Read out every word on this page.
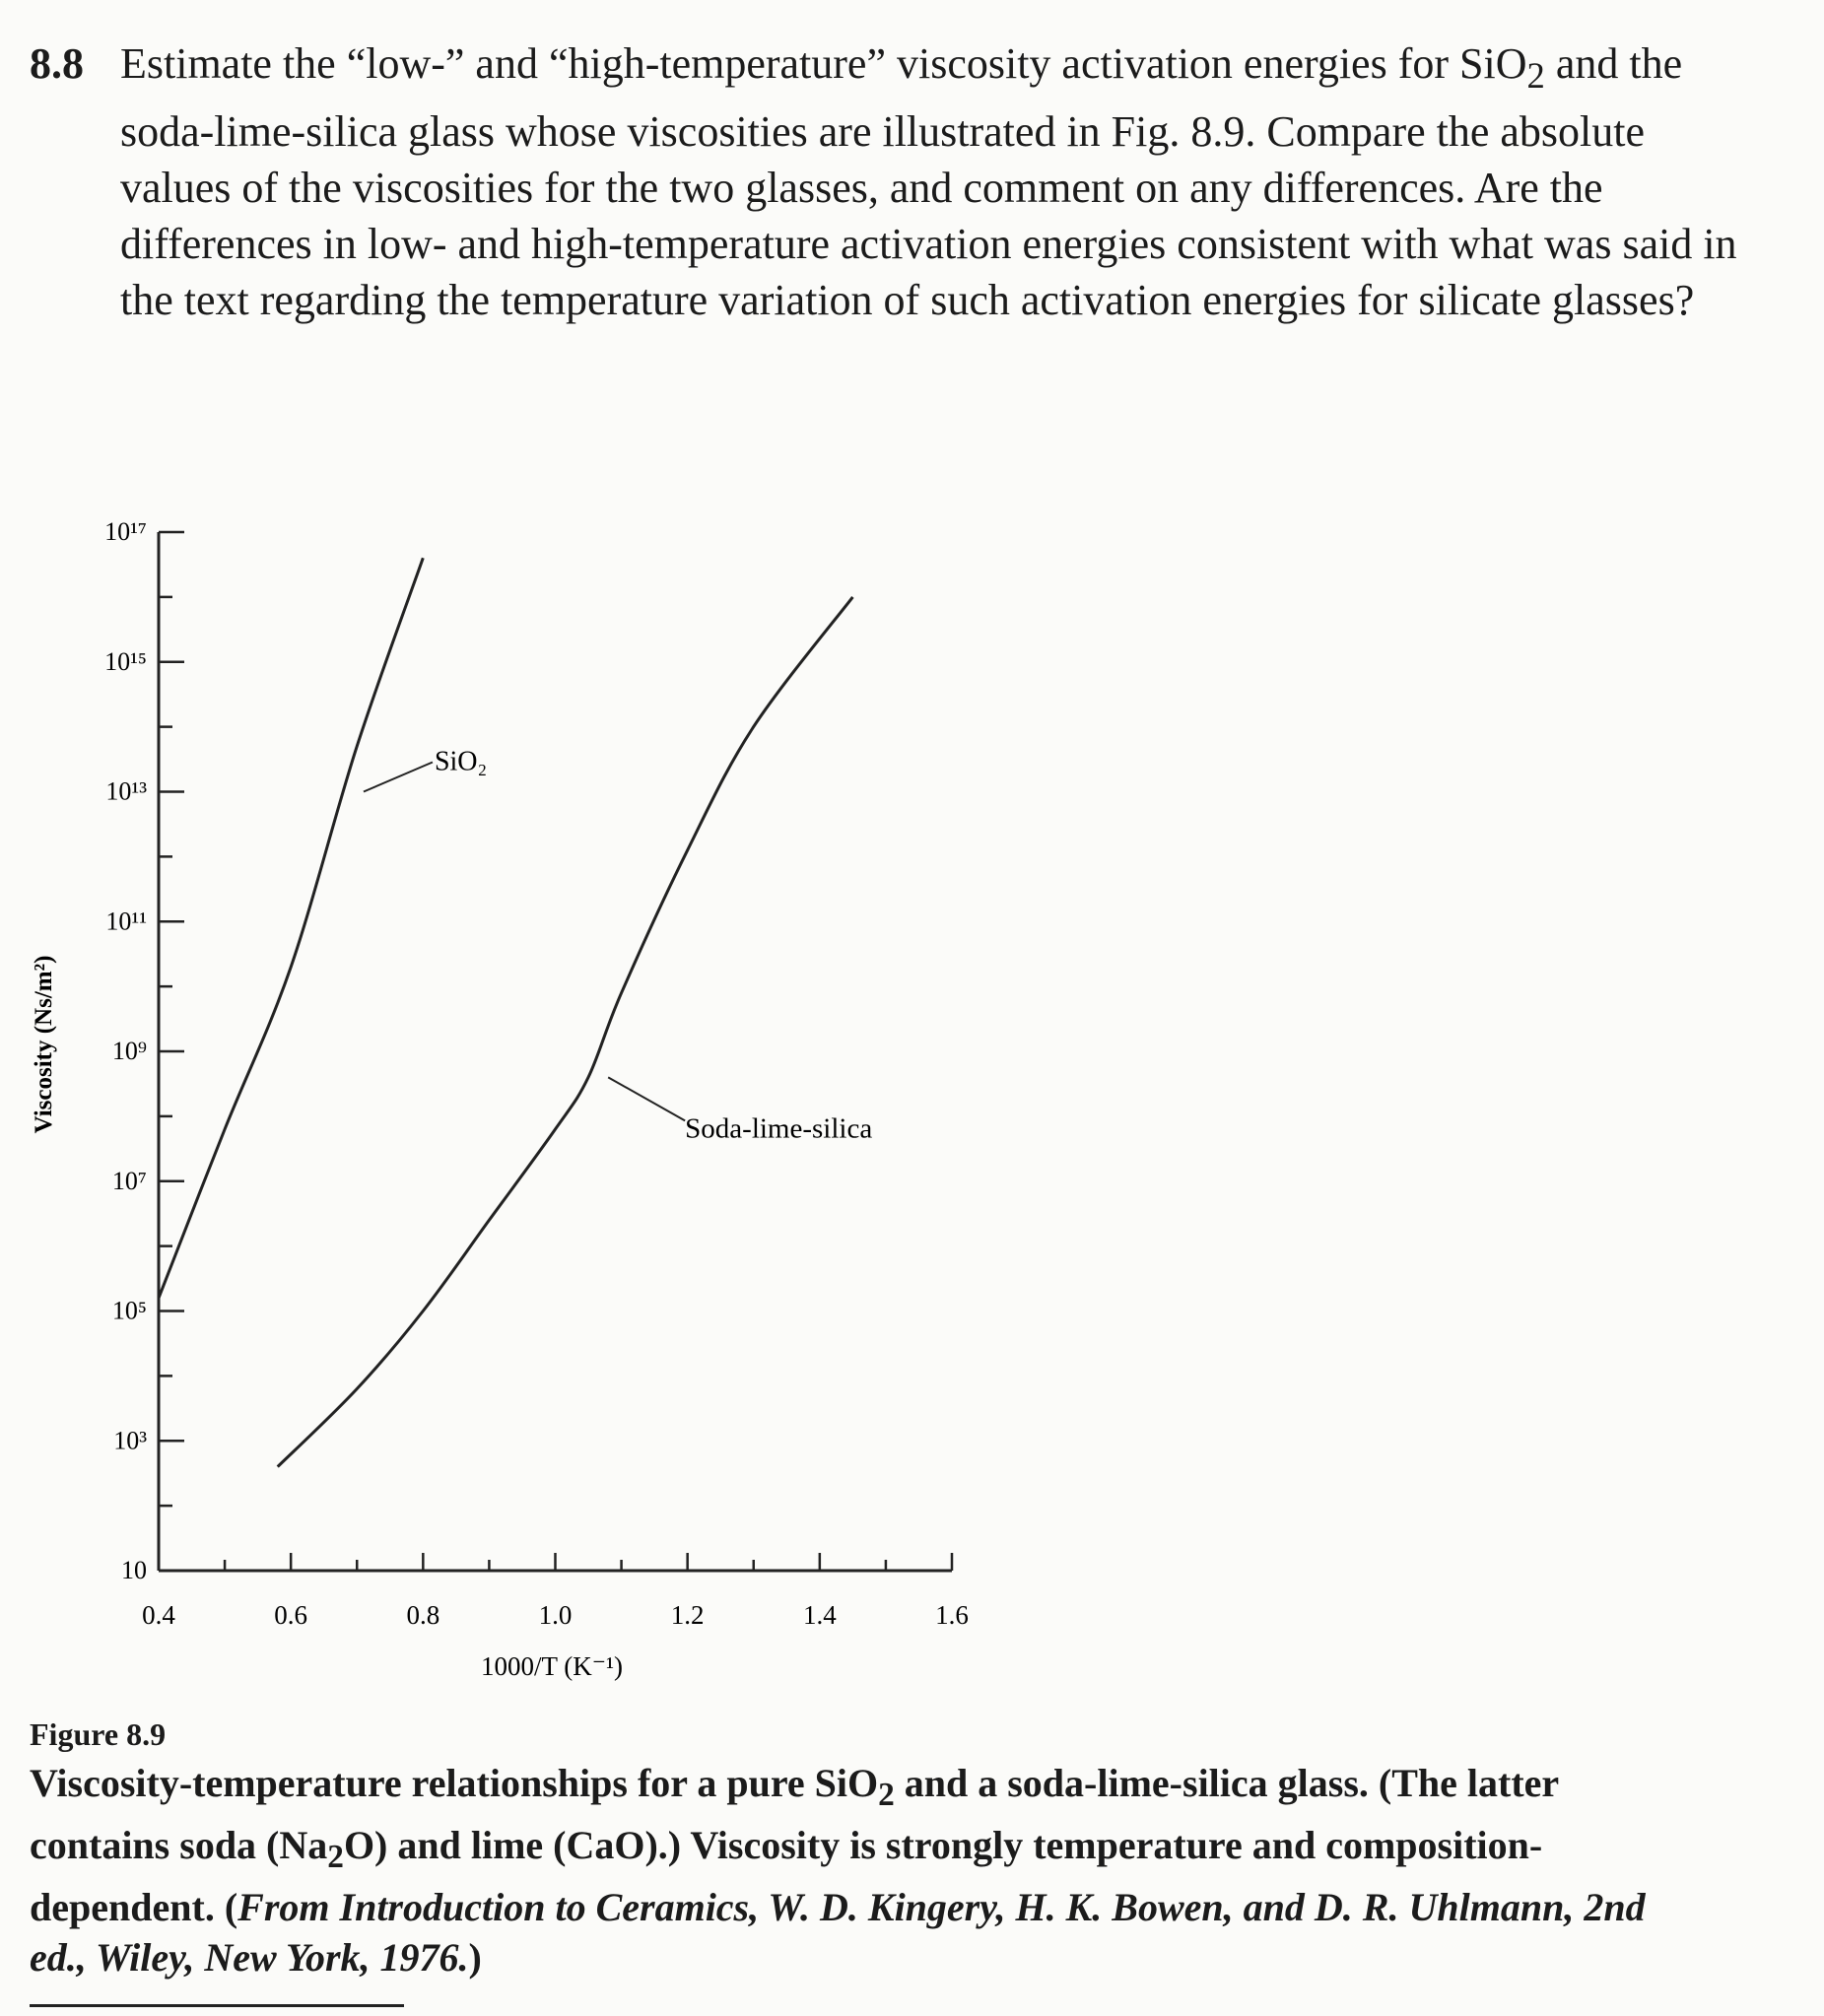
8.8 Estimate the “low-” and “high-temperature” viscosity activation energies for SiO$_2$ and the soda-lime-silica glass whose viscosities are illustrated in Fig. 8.9. Compare the absolute values of the viscosities for the two glasses, and comment on any differences. Are the differences in low- and high-temperature activation energies consistent with what was said in the text regarding the temperature variation of such activation energies for silicate glasses?
10
10³
10⁵
10⁷
10⁹
10¹¹
10¹³
10¹⁵
10¹⁷
0.4	0.6	0.8	1.0	1.2	1.4	1.6
SiO₂
Soda-lime-silica
Viscosity (Ns/m²)
1000/T (K⁻¹)
Figure 8.9
Viscosity-temperature relationships for a pure SiO$_2$ and a soda-lime-silica glass. (The latter contains soda $(Na_2O)$ and lime (CaO).) Viscosity is strongly temperature and composition-dependent. (From Introduction to Ceramics, W. D. Kingery, H. K. Bowen, and D. R. Uhlmann, 2nd ed., Wiley, New York, 1976.)
